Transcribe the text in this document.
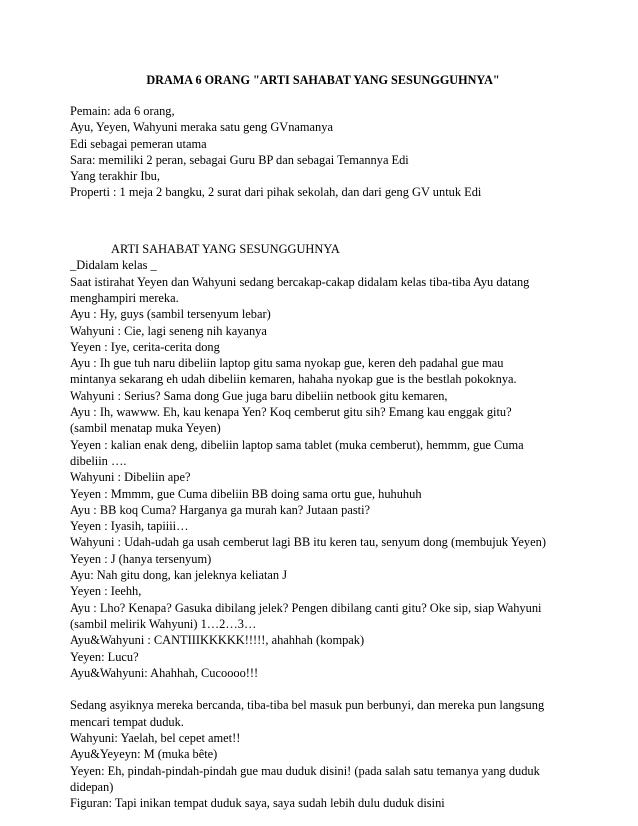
DRAMA 6 ORANG "ARTI SAHABAT YANG SESUNGGUHNYA"
Pemain: ada 6 orang,
Ayu, Yeyen, Wahyuni meraka satu geng GVnamanya
Edi sebagai pemeran utama
Sara: memiliki 2 peran, sebagai Guru BP dan sebagai Temannya Edi
Yang terakhir Ibu,
Properti : 1 meja 2 bangku, 2 surat dari pihak sekolah, dan dari geng GV untuk Edi
ARTI SAHABAT YANG SESUNGGUHNYA
_Didalam kelas _
Saat istirahat Yeyen dan Wahyuni sedang bercakap-cakap didalam kelas tiba-tiba Ayu datang
menghampiri mereka.
Ayu : Hy, guys (sambil tersenyum lebar)
Wahyuni : Cie, lagi seneng nih kayanya
Yeyen : Iye, cerita-cerita dong
Ayu : Ih gue tuh naru dibeliin laptop gitu sama nyokap gue, keren deh padahal gue mau
mintanya sekarang eh udah dibeliin kemaren, hahaha nyokap gue is the bestlah pokoknya.
Wahyuni : Serius? Sama dong Gue juga baru dibeliin netbook gitu kemaren,
Ayu : Ih, wawww. Eh, kau kenapa Yen? Koq cemberut gitu sih? Emang kau enggak gitu?
(sambil menatap muka Yeyen)
Yeyen : kalian enak deng, dibeliin laptop sama tablet (muka cemberut), hemmm, gue Cuma
dibeliin ….
Wahyuni : Dibeliin ape?
Yeyen : Mmmm, gue Cuma dibeliin BB doing sama ortu gue, huhuhuh
Ayu : BB koq Cuma? Harganya ga murah kan? Jutaan pasti?
Yeyen : Iyasih, tapiiii…
Wahyuni : Udah-udah ga usah cemberut lagi BB itu keren tau, senyum dong (membujuk Yeyen)
Yeyen : J (hanya tersenyum)
Ayu: Nah gitu dong, kan jeleknya keliatan J
Yeyen : Ieehh,
Ayu : Lho? Kenapa? Gasuka dibilang jelek? Pengen dibilang canti gitu? Oke sip, siap Wahyuni
(sambil melirik Wahyuni) 1…2…3…
Ayu&Wahyuni : CANTIIIKKKKK!!!!!, ahahhah (kompak)
Yeyen: Lucu?
Ayu&Wahyuni: Ahahhah, Cucoooo!!!
Sedang asyiknya mereka bercanda, tiba-tiba bel masuk pun berbunyi, dan mereka pun langsung
mencari tempat duduk.
Wahyuni: Yaelah, bel cepet amet!!
Ayu&Yeyeyn: M (muka bête)
Yeyen: Eh, pindah-pindah-pindah gue mau duduk disini! (pada salah satu temanya yang duduk
didepan)
Figuran: Tapi inikan tempat duduk saya, saya sudah lebih dulu duduk disini
